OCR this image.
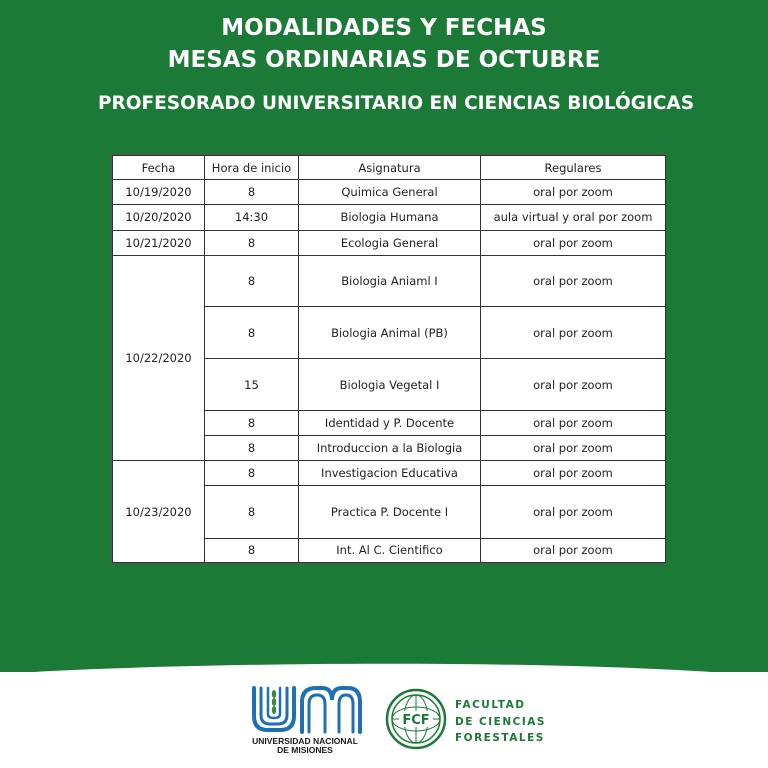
MODALIDADES Y FECHAS
MESAS ORDINARIAS DE OCTUBRE
PROFESORADO UNIVERSITARIO EN CIENCIAS BIOLÓGICAS
Fecha	Hora de inicio	Asignatura	Regulares
10/19/2020	8	Quimica General	oral por zoom
10/20/2020	14:30	Biologia Humana	aula virtual y oral por zoom
10/21/2020	8	Ecologia General	oral por zoom
10/22/2020	8	Biologia Aniaml I	oral por zoom
	8	Biologia Animal (PB)	oral por zoom
	15	Biologia Vegetal I	oral por zoom
	8	Identidad y P. Docente	oral por zoom
	8	Introduccion a la Biologia	oral por zoom
10/23/2020	8	Investigacion Educativa	oral por zoom
	8	Practica P. Docente I	oral por zoom
	8	Int. Al C. Cientifico	oral por zoom
UNIVERSIDAD NACIONAL
DE MISIONES
FCF
FACULTAD
DE CIENCIAS
FORESTALES
